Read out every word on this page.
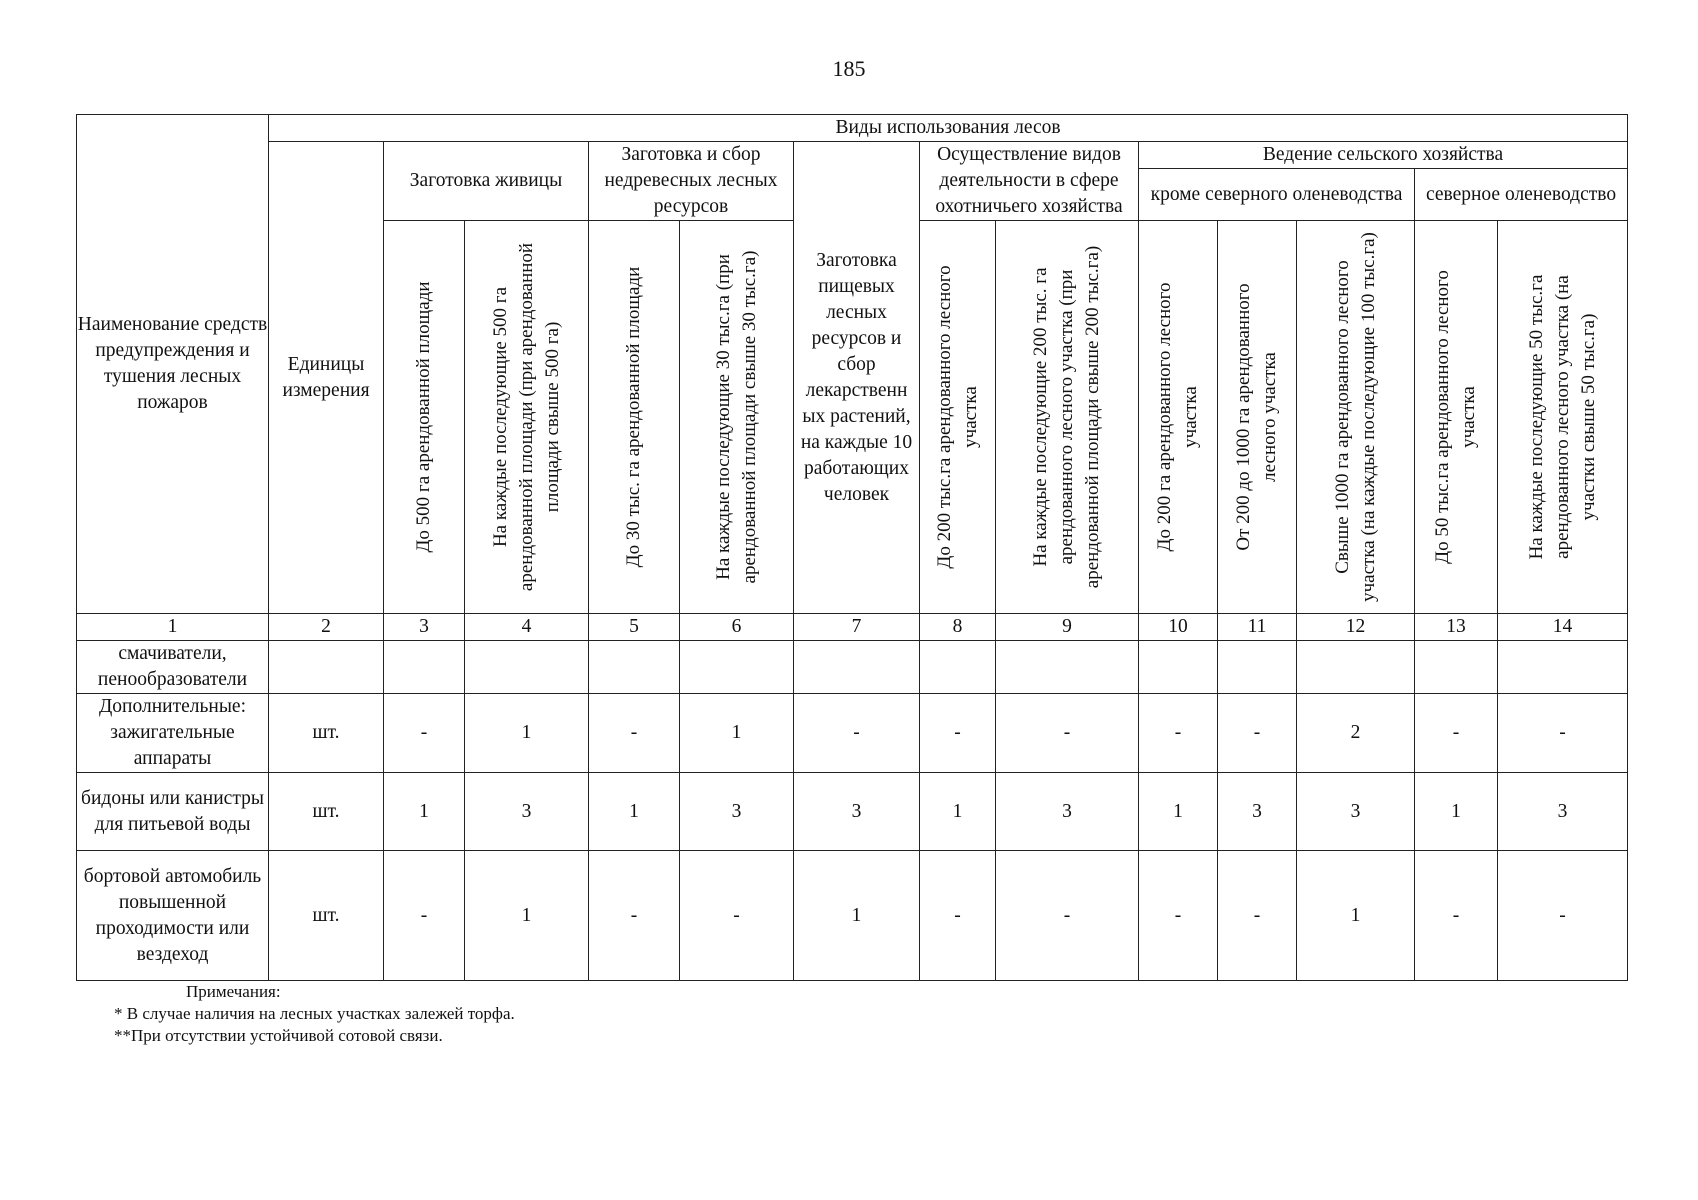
185
Наименование средств предупреждения и тушения лесных пожаров	Виды использования лесов												
	Единицы измерения	Заготовка живицы		Заготовка и сбор недревесных лесных ресурсов		Заготовка пищевых лесных ресурсов и сбор лекарственн ых растений, на каждые 10 работающих человек	Осуществление видов деятельности в сфере охотничьего хозяйства		Ведение сельского хозяйства				
									кроме северного оленеводства			северное оленеводство	

		До 500 га арендованной площади	На каждые последующие 500 га арендованной площади (при арендованной площади свыше 500 га)	До 30 тыс. га арендованной площади	На каждые последующие 30 тыс.га (при арендованной площади свыше 30 тыс.га)		До 200 тыс.га арендованного лесного участка	На каждые последующие 200 тыс. га арендованного лесного участка (при арендованной площади свыше 200 тыс.га)	До 200 га арендованного лесного участка	От 200 до 1000 га арендованного лесного участка	Свыше 1000 га арендованного лесного участка (на каждые последующие 100 тыс.га)	До 50 тыс.га арендованного лесного участка	На каждые последующие 50 тыс.га арендованного лесного участка (на участки свыше 50 тыс.га)

1	2	3	4	5	6	7	8	9	10	11	12	13	14
смачиватели, пенообразователи													
Дополнительные: зажигательные аппараты	шт.	-	1	-	1	-	-	-	-	-	2	-	-
бидоны или канистры для питьевой воды	шт.	1	3	1	3	3	1	3	1	3	3	1	3
бортовой автомобиль повышенной проходимости или вездеход	шт.	-	1	-	-	1	-	-	-	-	1	-	-
Примечания:
* В случае наличия на лесных участках залежей торфа.
**При отсутствии устойчивой сотовой связи.
